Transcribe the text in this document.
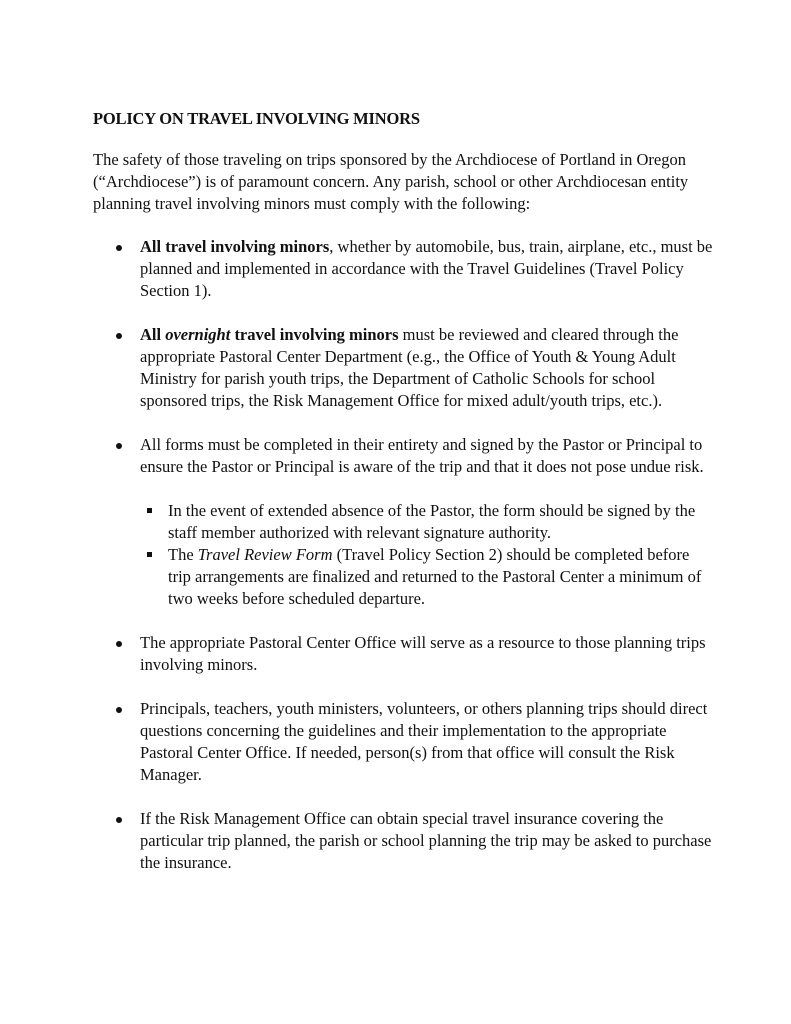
POLICY ON TRAVEL INVOLVING MINORS

The safety of those traveling on trips sponsored by the Archdiocese of Portland in Oregon (“Archdiocese”) is of paramount concern. Any parish, school or other Archdiocesan entity planning travel involving minors must comply with the following:

All travel involving minors, whether by automobile, bus, train, airplane, etc., must be planned and implemented in accordance with the Travel Guidelines (Travel Policy Section 1).
All overnight travel involving minors must be reviewed and cleared through the appropriate Pastoral Center Department (e.g., the Office of Youth & Young Adult Ministry for parish youth trips, the Department of Catholic Schools for school sponsored trips, the Risk Management Office for mixed adult/youth trips, etc.).
All forms must be completed in their entirety and signed by the Pastor or Principal to ensure the Pastor or Principal is aware of the trip and that it does not pose undue risk.
In the event of extended absence of the Pastor, the form should be signed by the staff member authorized with relevant signature authority.
The Travel Review Form (Travel Policy Section 2) should be completed before trip arrangements are finalized and returned to the Pastoral Center a minimum of two weeks before scheduled departure.
The appropriate Pastoral Center Office will serve as a resource to those planning trips involving minors.
Principals, teachers, youth ministers, volunteers, or others planning trips should direct questions concerning the guidelines and their implementation to the appropriate Pastoral Center Office. If needed, person(s) from that office will consult the Risk Manager.
If the Risk Management Office can obtain special travel insurance covering the particular trip planned, the parish or school planning the trip may be asked to purchase the insurance.
